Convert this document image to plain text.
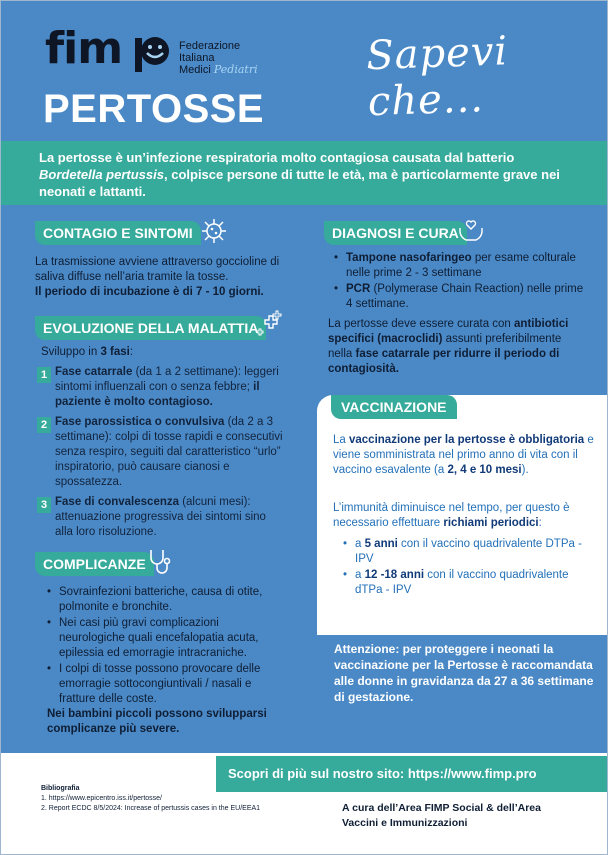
fim	Federazione
Italiana
Medici Pediatri	Sapevi che...
PERTOSSE
La pertosse è un’infezione respiratoria molto contagiosa causata dal batterio Bordetella pertussis, colpisce persone di tutte le età, ma è particolarmente grave nei neonati e lattanti.
CONTAGIO E SINTOMI
La trasmissione avviene attraverso goccioline di saliva diffuse nell’aria tramite la tosse.
Il periodo di incubazione è di 7 - 10 giorni.
EVOLUZIONE DELLA MALATTIA
Sviluppo in 3 fasi:
1 Fase catarrale (da 1 a 2 settimane): leggeri sintomi influenzali con o senza febbre; il paziente è molto contagioso.
2 Fase parossistica o convulsiva (da 2 a 3 settimane): colpi di tosse rapidi e consecutivi senza respiro, seguiti dal caratteristico “urlo” inspiratorio, può causare cianosi e spossatezza.
3 Fase di convalescenza (alcuni mesi): attenuazione progressiva dei sintomi sino alla loro risoluzione.
COMPLICANZE
• Sovrainfezioni batteriche, causa di otite, polmonite e bronchite.
• Nei casi più gravi complicazioni neurologiche quali encefalopatia acuta, epilessia ed emorragie intracraniche.
• I colpi di tosse possono provocare delle emorragie sottocongiuntivali / nasali e fratture delle coste.
Nei bambini piccoli possono svilupparsi complicanze più severe.
DIAGNOSI E CURA
• Tampone nasofaringeo per esame colturale nelle prime 2 - 3 settimane
• PCR (Polymerase Chain Reaction) nelle prime 4 settimane.
La pertosse deve essere curata con antibiotici specifici (macroclidi) assunti preferibilmente nella fase catarrale per ridurre il periodo di contagiosità.
La vaccinazione per la pertosse è obbligatoria e viene somministrata nel primo anno di vita con il vaccino esavalente (a 2, 4 e 10 mesi).
L’immunità diminuisce nel tempo, per questo è necessario effettuare richiami periodici:
• a 5 anni con il vaccino quadrivalente DTPa - IPV
• a 12 -18 anni con il vaccino quadrivalente dTPa - IPV
VACCINAZIONE
Attenzione: per proteggere i neonati la vaccinazione per la Pertosse è raccomandata alle donne in gravidanza da 27 a 36 settimane di gestazione.
Scopri di più sul nostro sito: https://www.fimp.pro
Bibliografia
1. https://www.epicentro.iss.it/pertosse/
2. Report ECDC 8/5/2024: Increase of pertussis cases in the EU/EEA1	A cura dell’Area FIMP Social & dell’Area
Vaccini e Immunizzazioni
